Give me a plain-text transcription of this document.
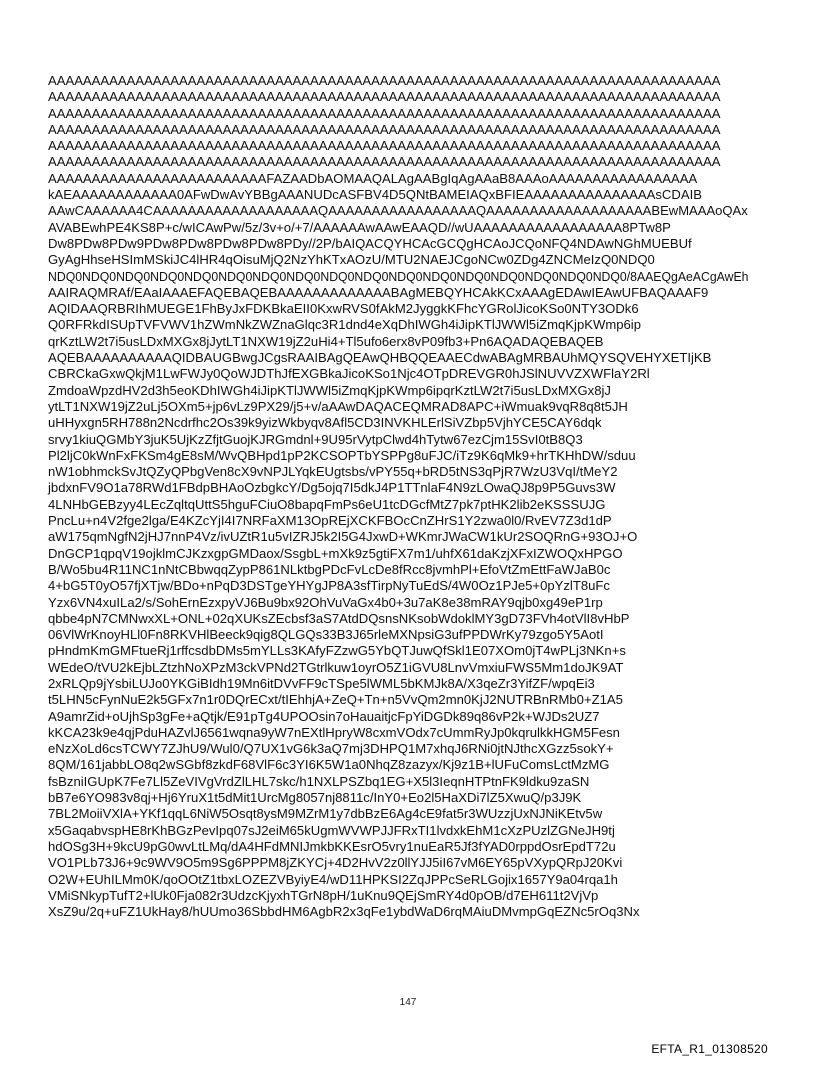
AAAAAAAAAAAAAAAAAAAAAAAAAAAAAAAAAAAAAAAAAAAAAAAAAAAAAAAAAAAAAAAAAAAAAAAAAAAAA
AAAAAAAAAAAAAAAAAAAAAAAAAAAAAAAAAAAAAAAAAAAAAAAAAAAAAAAAAAAAAAAAAAAAAAAAAAAAA
AAAAAAAAAAAAAAAAAAAAAAAAAAAAAAAAAAAAAAAAAAAAAAAAAAAAAAAAAAAAAAAAAAAAAAAAAAAAA
AAAAAAAAAAAAAAAAAAAAAAAAAAAAAAAAAAAAAAAAAAAAAAAAAAAAAAAAAAAAAAAAAAAAAAAAAAAAA
AAAAAAAAAAAAAAAAAAAAAAAAAAAAAAAAAAAAAAAAAAAAAAAAAAAAAAAAAAAAAAAAAAAAAAAAAAAAA
AAAAAAAAAAAAAAAAAAAAAAAAAAAAAAAAAAAAAAAAAAAAAAAAAAAAAAAAAAAAAAAAAAAAAAAAAAAAA
AAAAAAAAAAAAAAAAAAAAAAAAAFAZAADbAOMAAQALAgAABgIqAgAAaB8AAAoAAAAAAAAAAAAAAAAA
kAEAAAAAAAAAAAA0AFwDwAvYBBgAAANUDcASFBV4D5QNtBAMEIAQxBFIEAAAAAAAAAAAAAAAsCDAIB
AAwCAAAAAA4CAAAAAAAAAAAAAAAAAAAQAAAAAAAAAAAAAAAAAQAAAAAAAAAAAAAAAAAAABEwMAAAoQAx
AVABEwhPE4KS8P+c/wICAwPw/5z/3v+o/+7/AAAAAAwAAwEAAQD//wUAAAAAAAAAAAAAAAAA8PTw8P
Dw8PDw8PDw9PDw8PDw8PDw8PDw8PDy//2P/bAIQACQYHCAcGCQgHCAoJCQoNFQ4NDAwNGhMUEBUf
GyAgHhseHSImMSkiJC4lHR4qOisuMjQ2NzYhKTxAOzU/MTU2NAEJCgoNCw0ZDg4ZNCMeIzQ0NDQ0
NDQ0NDQ0NDQ0NDQ0NDQ0NDQ0NDQ0NDQ0NDQ0NDQ0NDQ0NDQ0NDQ0NDQ0NDQ0NDQ0NDQ0/8AAEQgAeACgAwEh
AAIRAQMRAf/EAaIAAAEFAQEBAQEBAAAAAAAAAAAAABAgMEBQYHCAkKCxAAAgEDAwIEAwUFBAQAAAF9
AQIDAAQRBRIhMUEGE1FhByJxFDKBkaEII0KxwRVS0fAkM2JyggkKFhcYGRolJicoKSo0NTY3ODk6
Q0RFRkdISUpTVFVWV1hZWmNkZWZnaGlqc3R1dnd4eXqDhIWGh4iJipKTlJWWl5iZmqKjpKWmp6ip
qrKztLW2t7i5usLDxMXGx8jJytLT1NXW19jZ2uHi4+Tl5ufo6erx8vP09fb3+Pn6AQADAQEBAQEB
AQEBAAAAAAAAAAQIDBAUGBwgJCgsRAAIBAgQEAwQHBQQEAAECdwABAgMRBAUhMQYSQVEHYXETIjKB
CBRCkaGxwQkjM1LwFWJy0QoWJDThJfEXGBkaJicoKSo1Njc4OTpDREVGR0hJSlNUVVZXWFlaY2Rl
ZmdoaWpzdHV2d3h5eoKDhIWGh4iJipKTlJWWl5iZmqKjpKWmp6ipqrKztLW2t7i5usLDxMXGx8jJ
ytLT1NXW19jZ2uLj5OXm5+jp6vLz9PX29/j5+v/aAAwDAQACEQMRAD8APC+iWmuak9vqR8q8t5JH
uHHyxgn5RH788n2Ncdrfhc2Os39k9yizWkbyqv8Afl5CD3INVKHLErlSiVZbp5VjhYCE5CAY6dqk
srvy1kiuQGMbY3juK5UjKzZfjtGuojKJRGmdnl+9U95rVytpClwd4hTytw67ezCjm15SvI0tB8Q3
Pl2ljC0kWnFxFKSm4gE8sM/WvQBHpd1pP2KCSOPTbYSPPg8uFJC/iTz9K6qMk9+hrTKHhDW/sduu
nW1obhmckSvJtQZyQPbgVen8cX9vNPJLYqkEUgtsbs/vPY55q+bRD5tNS3qPjR7WzU3VqI/tMeY2
jbdxnFV9O1a78RWd1FBdpBHAoOzbgkcY/Dg5ojq7I5dkJ4P1TTnlaF4N9zLOwaQJ8p9P5Guvs3W
4LNHbGEBzyy4LEcZqltqUttS5hguFCiuO8bapqFmPs6eU1tcDGcfMtZ7pk7ptHK2lib2eKSSSUJG
PncLu+n4V2fge2lga/E4KZcYjI4I7NRFaXM13OpREjXCKFBOcCnZHrS1Y2zwa0l0/RvEV7Z3d1dP
aW175qmNgfN2jHJ7nnP4Vz/ivUZtR1u5vIZRJ5k2I5G4JxwD+WKmrJWaCW1kUr2SOQRnG+93OJ+O
DnGCP1qpqV19ojklmCJKzxgpGMDaox/SsgbL+mXk9z5gtiFX7m1/uhfX61daKzjXFxIZWOQxHPGO
B/Wo5bu4R11NC1nNtCBbwqqZypP861NLktbgPDcFvLcDe8fRcc8jvmhPl+EfoVtZmEttFaWJaB0c
4+bG5T0yO57fjXTjw/BDo+nPqD3DSTgeYHYgJP8A3sfTirpNyTuEdS/4W0Oz1PJe5+0pYzlT8uFc
Yzx6VN4xuILa2/s/SohErnEzxpyVJ6Bu9bx92OhVuVaGx4b0+3u7aK8e38mRAY9qjb0xg49eP1rp
qbbe4pN7CMNwxXL+ONL+02qXUKsZEcbsf3aS7AtdDQsnsNKsobWdoklMY3gD73FVh4otVlI8vHbP
06VlWrKnoyHLl0Fn8RKVHlBeeck9qig8QLGQs33B3J65rleMXNpsiG3ufPPDWrKy79zgo5Y5AotI
pHndmKmGMFtueRj1rffcsdbDMs5mYLLs3KAfyFZzwG5YbQTJuwQfSkl1E07XOm0jT4wPLj3NKn+s
WEdeO/tVU2kEjbLZtzhNoXPzM3ckVPNd2TGtrlkuw1oyrO5Z1iGVU8LnvVmxiuFWS5Mm1doJK9AT
2xRLQp9jYsbiLUJo0YKGiBIdh19Mn6itDVvFF9cTSpe5lWML5bKMJk8A/X3qeZr3YifZF/wpqEi3
t5LHN5cFynNuE2k5GFx7n1r0DQrECxt/tIEhhjA+ZeQ+Tn+n5VvQm2mn0KjJ2NUTRBnRMb0+Z1A5
A9amrZid+oUjhSp3gFe+aQtjk/E91pTg4UPOOsin7oHauaitjcFpYiDGDk89q86vP2k+WJDs2UZ7
kKCA23k9e4qjPduHAZvlJ6561wqna9yW7nEXtlHpryW8cxmVOdx7cUmmRyJp0kqrulkkHGM5Fesn
eNzXoLd6csTCWY7ZJhU9/Wul0/Q7UX1vG6k3aQ7mj3DHPQ1M7xhqJ6RNi0jtNJthcXGzz5sokY+
8QM/161jabbLO8q2wSGbf8zkdF68VlF6c3YI6K5W1a0NhqZ8zazyx/Kj9z1B+lUFuComsLctMzMG
fsBzniIGUpK7Fe7Ll5ZeVIVgVrdZlLHL7skc/h1NXLPSZbq1EG+X5l3IeqnHTPtnFK9ldku9zaSN
bB7e6YO983v8qj+Hj6YruX1t5dMit1UrcMg8057nj8811c/InY0+Eo2l5HaXDi7lZ5XwuQ/p3J9K
7BL2MoiiVXlA+YKf1qqL6NiW5Osqt8ysM9MZrM1y7dbBzE6Ag4cE9fat5r3WUzzjUxNJNiKEtv5w
x5GaqabvspHE8rKhBGzPevIpq07sJ2eiM65kUgmWVWPJJFRxTI1lvdxkEhM1cXzPUzlZGNeJH9tj
hdOSg3H+9kcU9pG0wvLtLMq/dA4HFdMNIJmkbKKEsrO5vry1nuEaR5Jf3fYAD0rppdOsrEpdT72u
VO1PLb73J6+9c9WV9O5m9Sg6PPPM8jZKYCj+4D2HvV2z0llYJJ5iI67vM6EY65pVXypQRpJ20Kvi
O2W+EUhILMm0K/qoOOtZ1tbxLOZEZVByiyE4/wD11HPKSI2ZqJPPcSeRLGojix1657Y9a04rqa1h
VMiSNkypTufT2+lUk0Fja082r3UdzcKjyxhTGrN8pH/1uKnu9QEjSmRY4d0pOB/d7EH611t2VjVp
XsZ9u/2q+uFZ1UkHay8/hUUmo36SbbdHM6AgbR2x3qFe1ybdWaD6rqMAiuDMvmpGqEZNc5rOq3Nx
147
EFTA_R1_01308520
